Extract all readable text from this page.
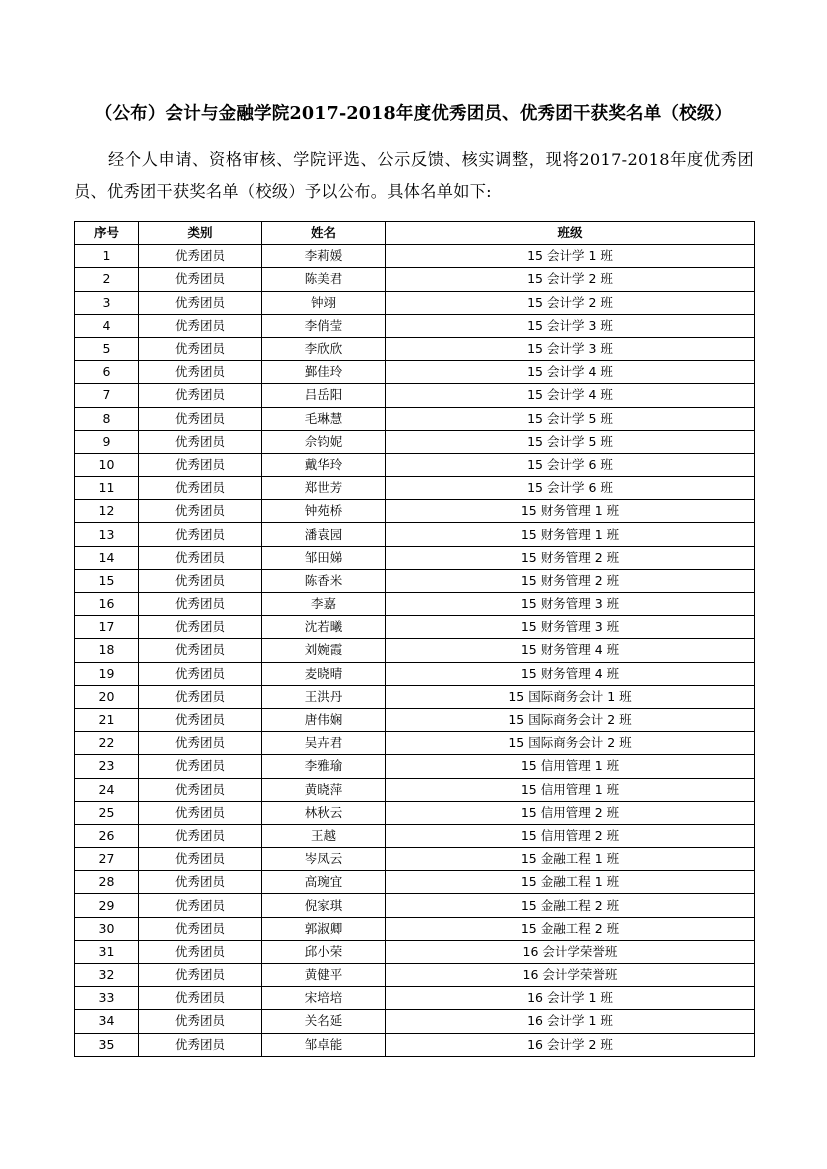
（公布）会计与金融学院2017-2018年度优秀团员、优秀团干获奖名单（校级）
经个人申请、资格审核、学院评选、公示反馈、核实调整，现将2017-2018年度优秀团员、优秀团干获奖名单（校级）予以公布。具体名单如下:
序号	类别	姓名	班级
1	优秀团员	李莉媛	15 会计学 1 班
2	优秀团员	陈美君	15 会计学 2 班
3	优秀团员	钟翊	15 会计学 2 班
4	优秀团员	李俏莹	15 会计学 3 班
5	优秀团员	李欣欣	15 会计学 3 班
6	优秀团员	鄞佳玲	15 会计学 4 班
7	优秀团员	吕岳阳	15 会计学 4 班
8	优秀团员	毛琳慧	15 会计学 5 班
9	优秀团员	佘钧妮	15 会计学 5 班
10	优秀团员	戴华玲	15 会计学 6 班
11	优秀团员	郑世芳	15 会计学 6 班
12	优秀团员	钟苑桥	15 财务管理 1 班
13	优秀团员	潘袁园	15 财务管理 1 班
14	优秀团员	邹田娣	15 财务管理 2 班
15	优秀团员	陈香米	15 财务管理 2 班
16	优秀团员	李嘉	15 财务管理 3 班
17	优秀团员	沈若曦	15 财务管理 3 班
18	优秀团员	刘婉霞	15 财务管理 4 班
19	优秀团员	麦晓晴	15 财务管理 4 班
20	优秀团员	王洪丹	15 国际商务会计 1 班
21	优秀团员	唐伟娴	15 国际商务会计 2 班
22	优秀团员	吴卉君	15 国际商务会计 2 班
23	优秀团员	李雅瑜	15 信用管理 1 班
24	优秀团员	黄晓萍	15 信用管理 1 班
25	优秀团员	林秋云	15 信用管理 2 班
26	优秀团员	王越	15 信用管理 2 班
27	优秀团员	岑凤云	15 金融工程 1 班
28	优秀团员	高琬宜	15 金融工程 1 班
29	优秀团员	倪家琪	15 金融工程 2 班
30	优秀团员	郭淑卿	15 金融工程 2 班
31	优秀团员	邱小荣	16 会计学荣誉班
32	优秀团员	黄健平	16 会计学荣誉班
33	优秀团员	宋培培	16 会计学 1 班
34	优秀团员	关名延	16 会计学 1 班
35	优秀团员	邹卓能	16 会计学 2 班
